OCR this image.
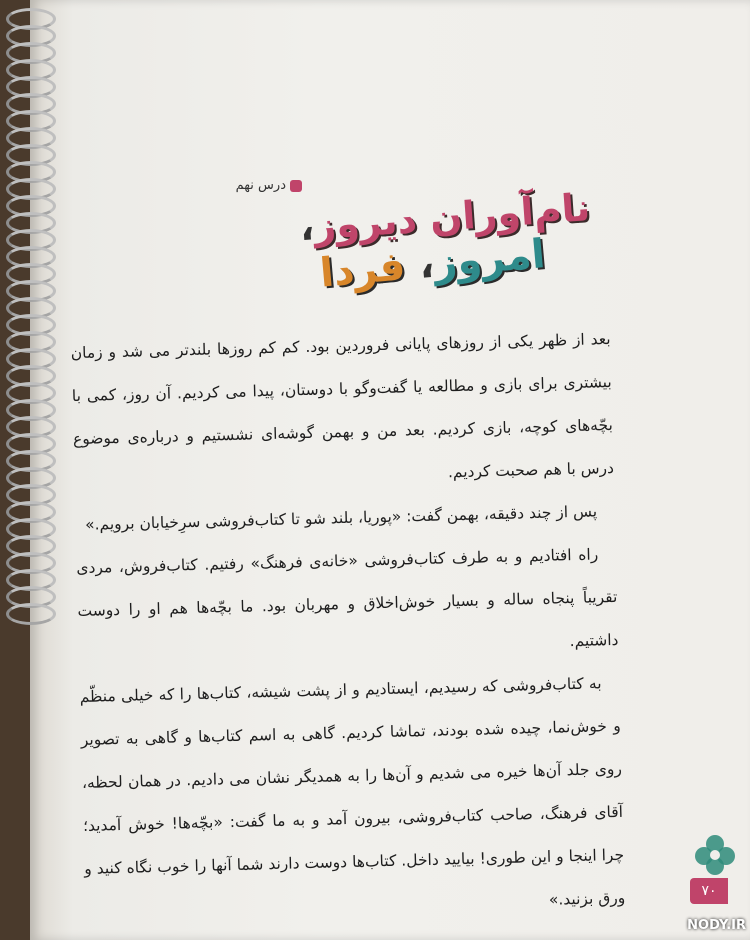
درس نهم	نام‌آوران دیروز،
امروز، فردا

بعد از ظهر یکی از روزهای پایانی فروردین بود. کم کم روزها بلندتر می شد و زمان بیشتری برای بازی و مطالعه یا گفت‌وگو با دوستان، پیدا می کردیم. آن روز، کمی با بچّه‌های کوچه، بازی کردیم. بعد من و بهمن گوشه‌ای نشستیم و درباره‌ی موضوع درس با هم صحبت کردیم.

پس از چند دقیقه، بهمن گفت: «پوریا، بلند شو تا کتاب‌فروشی سرِخیابان برویم.»

راه افتادیم و به طرف کتاب‌فروشی «خانه‌ی فرهنگ» رفتیم. کتاب‌فروش، مردی تقریباً پنجاه ساله و بسیار خوش‌اخلاق و مهربان بود. ما بچّه‌ها هم او را دوست داشتیم.

به کتاب‌فروشی که رسیدیم، ایستادیم و از پشت شیشه، کتاب‌ها را که خیلی منظّم و خوش‌نما، چیده شده بودند، تماشا کردیم. گاهی به اسم کتاب‌ها و گاهی به تصویر روی جلد آن‌ها خیره می شدیم و آن‌ها را به همدیگر نشان می دادیم. در همان لحظه، آقای فرهنگ، صاحب کتاب‌فروشی، بیرون آمد و به ما گفت: «بچّه‌ها! خوش آمدید؛ چرا اینجا و این طوری! بیایید داخل. کتاب‌ها دوست دارند شما آنها را خوب نگاه کنید و ورق بزنید.»	۷۰
NODY.IR
